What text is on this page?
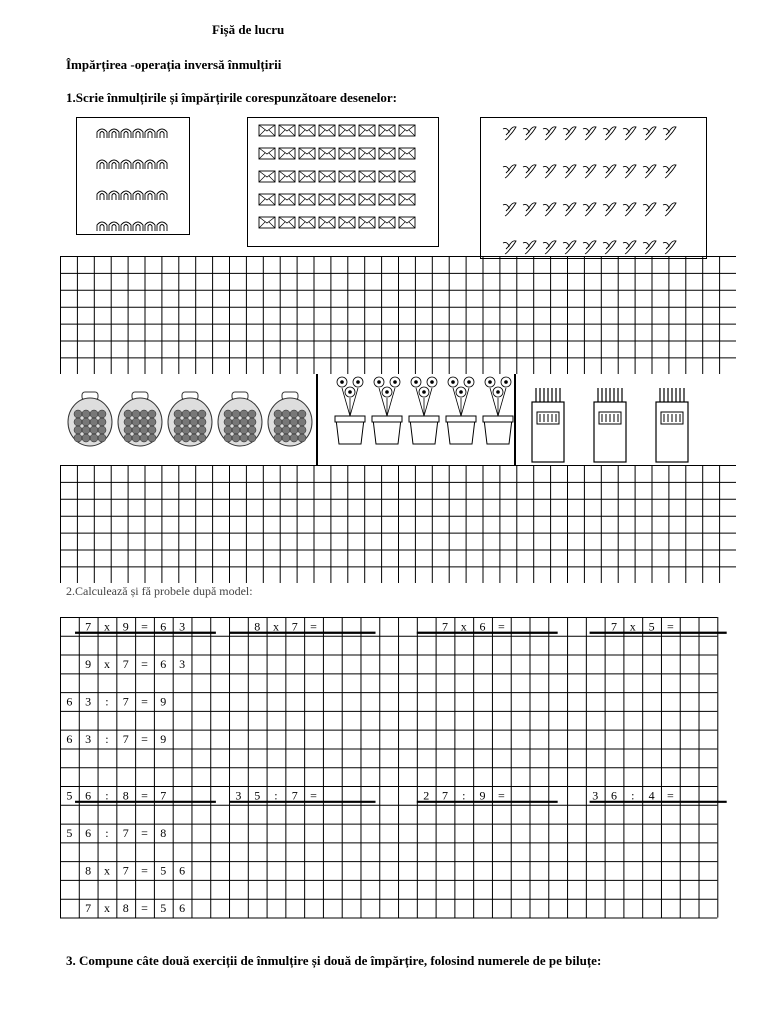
Fișă de lucru
Împărțirea -operația inversă înmulțirii
1.Scrie înmulțirile și împărțirile corespunzătoare desenelor:
2.Calculează și fă probele după model:
7 x 9 = 6 3
9 x 7 = 6 3
6 3 : 7 = 9
6 3 : 7 = 9
5 6 : 8 = 7
5 6 : 7 = 8
8 x 7 = 5 6
7 x 8 = 5 6
8 x 7 =	7 x 6 =	7 x 5 =
3 5 : 7 =	2 7 : 9 =	3 6 : 4 =
3. Compune câte două exerciții de înmulțire și două de împărțire, folosind numerele de pe biluțe:
